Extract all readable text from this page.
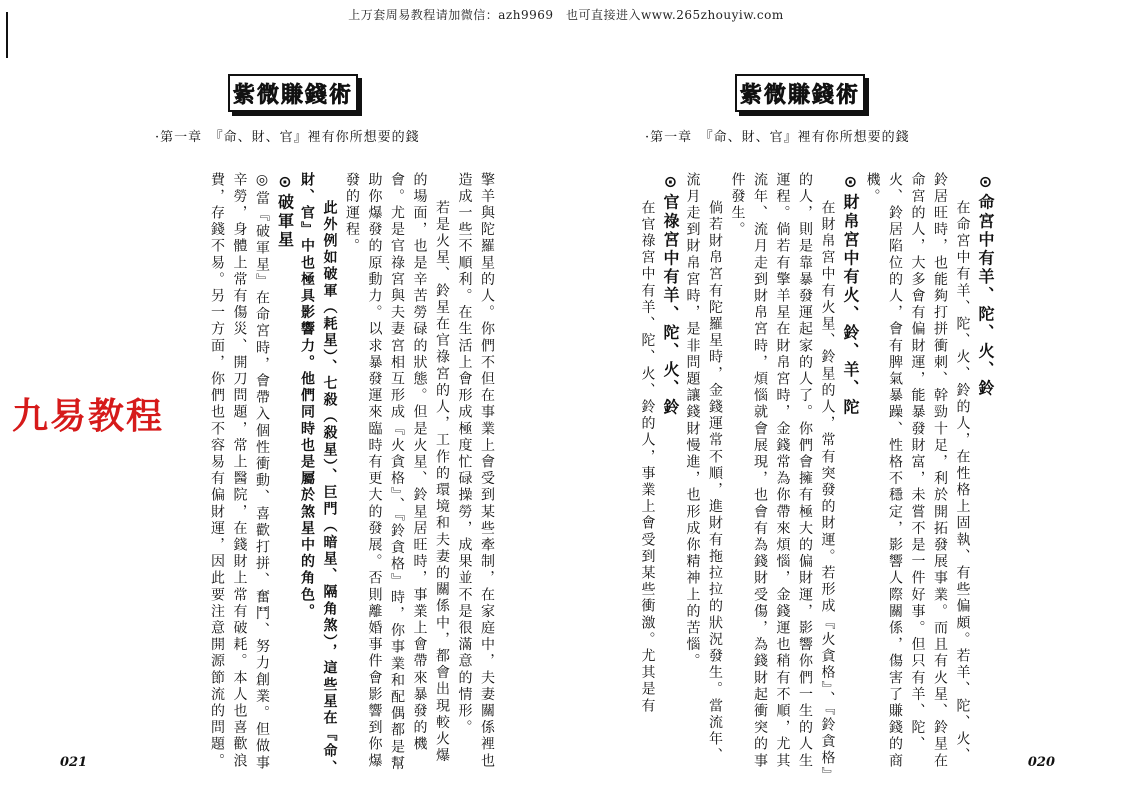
上万套周易教程请加微信：azh9969　也可直接进入www.265zhouyiw.com
紫微賺錢術
·第一章　『命、財、官』裡有你所想要的錢

擎羊與陀羅星的人。你們不但在事業上會受到某些牽制，在家庭中，夫妻關係裡也造成一些不順利。在生活上會形成極度忙碌操勞，成果並不是很滿意的情形。

若是火星、鈴星在官祿宮的人，工作的環境和夫妻的關係中，都會出現較火爆的場面，也是辛苦勞碌的狀態。但是火星、鈴星居旺時，事業上會帶來暴發的機會。尤是官祿宮與夫妻宮相互形成『火貪格』、『鈴貪格』時，你事業和配偶都是幫助你爆發的原動力。以求暴發運來臨時有更大的發展。否則離婚事件會影響到你爆發的運程。

此外例如破軍（耗星）、七殺（殺星）、巨門（暗星、隔角煞），這些星在『命、財、官』中也極具影響力。他們同時也是屬於煞星中的角色。

⊙破軍星

◎當『破軍星』在命宮時，會帶入個性衝動、喜歡打拼、奮鬥、努力創業。但做事辛勞，身體上常有傷災、開刀問題，常上醫院，在錢財上常有破耗。本人也喜歡浪費，存錢不易。另一方面，你們也不容易有偏財運，因此要注意開源節流的問題。

021
九易教程
紫微賺錢術
·第一章　『命、財、官』裡有你所想要的錢

⊙命宮中有羊、陀、火、鈴

在命宮中有羊、陀、火、鈴的人，在性格上固執、有些偏頗。若羊、陀、火、鈴居旺時，也能夠打拼衝刺、幹勁十足，利於開拓發展事業。而且有火星、鈴星在命宮的人，大多會有偏財運，能暴發財富，未嘗不是一件好事。但只有羊、陀、火、鈴居陷位的人，會有脾氣暴躁、性格不穩定，影響人際關係，傷害了賺錢的商機。

⊙財帛宮中有火、鈴、羊、陀

在財帛宮中有火星、鈴星的人，常有突發的財運。若形成『火貪格』、『鈴貪格』的人，則是靠暴發運起家的人了。你們會擁有極大的偏財運，影響你們一生的人生運程。倘若有擎羊星在財帛宮時，金錢常為你帶來煩惱，金錢運也稍有不順，尤其流年、流月走到財帛宮時，煩惱就會展現，也會有為錢財受傷，為錢財起衝突的事件發生。

倘若財帛宮有陀羅星時，金錢運常不順，進財有拖拉拉的狀況發生。當流年、流月走到財帛宮時，是非問題讓錢財慢進，也形成你精神上的苦惱。

⊙官祿宮中有羊、陀、火、鈴

在官祿宮中有羊、陀、火、鈴的人，事業上會受到某些衝激。尤其是有

020
